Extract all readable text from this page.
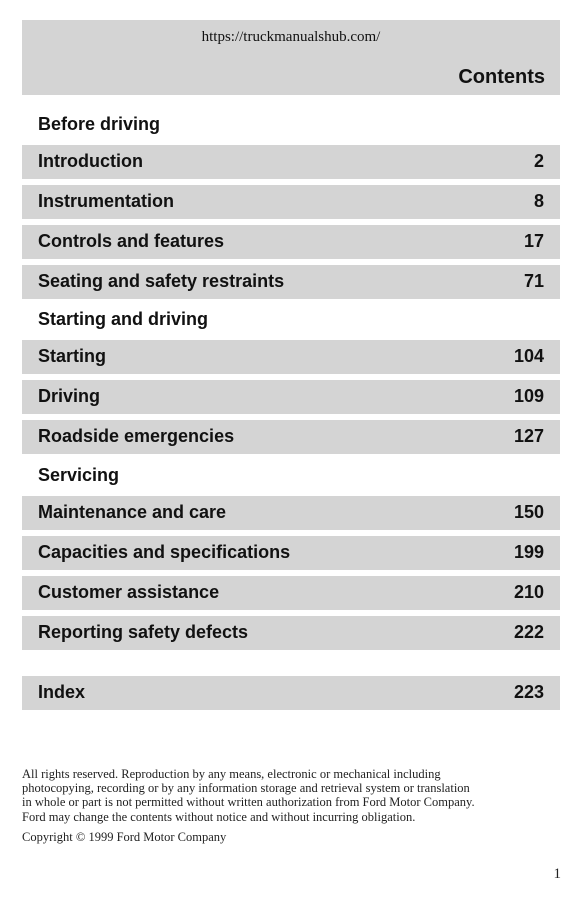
https://truckmanualshub.com/
Contents
Before driving
Introduction	2
Instrumentation	8
Controls and features	17
Seating and safety restraints	71
Starting and driving
Starting	104
Driving	109
Roadside emergencies	127
Servicing
Maintenance and care	150
Capacities and specifications	199
Customer assistance	210
Reporting safety defects	222
Index	223
All rights reserved. Reproduction by any means, electronic or mechanical including
photocopying, recording or by any information storage and retrieval system or translation
in whole or part is not permitted without written authorization from Ford Motor Company.
Ford may change the contents without notice and without incurring obligation.
Copyright © 1999 Ford Motor Company
1
